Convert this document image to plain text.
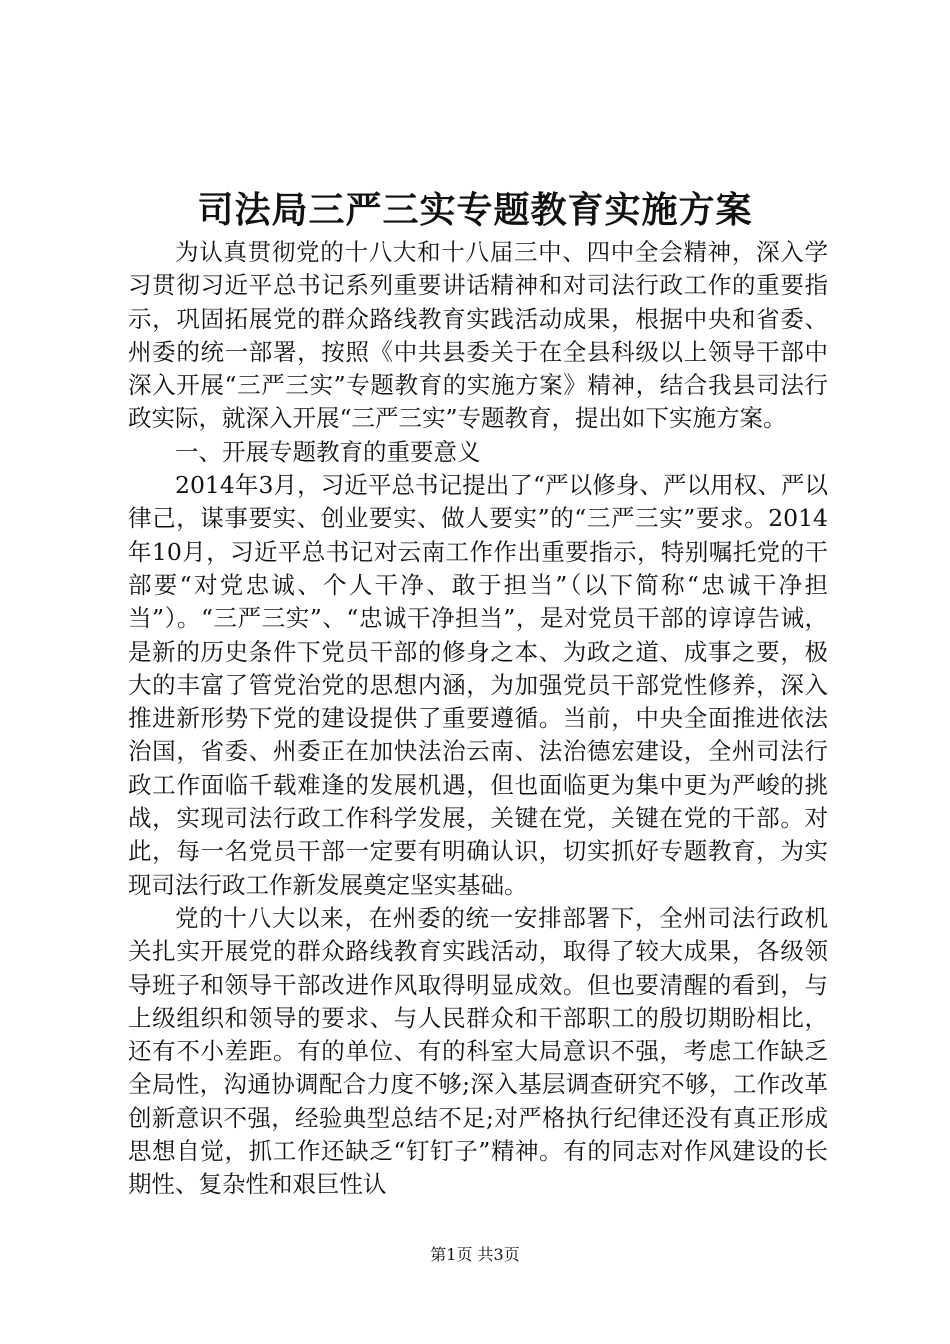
司法局三严三实专题教育实施方案

为认真贯彻党的十八大和十八届三中、四中全会精神，深入学习贯彻习近平总书记系列重要讲话精神和对司法行政工作的重要指示，巩固拓展党的群众路线教育实践活动成果，根据中央和省委、州委的统一部署，按照《中共县委关于在全县科级以上领导干部中深入开展“三严三实”专题教育的实施方案》精神，结合我县司法行政实际，就深入开展“三严三实”专题教育，提出如下实施方案。

一、开展专题教育的重要意义

2014年3月，习近平总书记提出了“严以修身、严以用权、严以律己，谋事要实、创业要实、做人要实”的“三严三实”要求。2014年10月，习近平总书记对云南工作作出重要指示，特别嘱托党的干部要“对党忠诚、个人干净、敢于担当”（以下简称“忠诚干净担当”）。“三严三实”、“忠诚干净担当”，是对党员干部的谆谆告诫，是新的历史条件下党员干部的修身之本、为政之道、成事之要，极大的丰富了管党治党的思想内涵，为加强党员干部党性修养，深入推进新形势下党的建设提供了重要遵循。当前，中央全面推进依法治国，省委、州委正在加快法治云南、法治德宏建设，全州司法行政工作面临千载难逢的发展机遇，但也面临更为集中更为严峻的挑战，实现司法行政工作科学发展，关键在党，关键在党的干部。对此，每一名党员干部一定要有明确认识，切实抓好专题教育，为实现司法行政工作新发展奠定坚实基础。

党的十八大以来，在州委的统一安排部署下，全州司法行政机关扎实开展党的群众路线教育实践活动，取得了较大成果，各级领导班子和领导干部改进作风取得明显成效。但也要清醒的看到，与上级组织和领导的要求、与人民群众和干部职工的殷切期盼相比，还有不小差距。有的单位、有的科室大局意识不强，考虑工作缺乏全局性，沟通协调配合力度不够;深入基层调查研究不够，工作改革创新意识不强，经验典型总结不足;对严格执行纪律还没有真正形成思想自觉，抓工作还缺乏“钉钉子”精神。有的同志对作风建设的长期性、复杂性和艰巨性认

第1页 共3页
